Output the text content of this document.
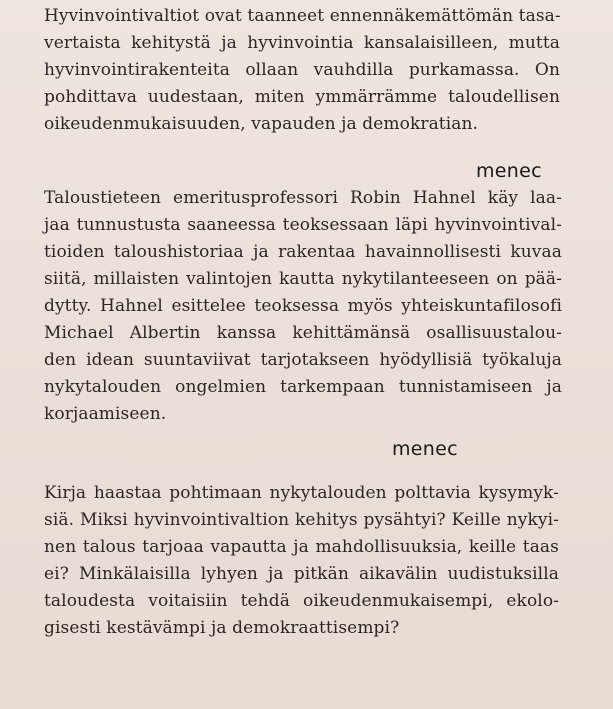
Hyvinvointivaltiot ovat taanneet ennennäkemättömän tasa-
vertaista kehitystä ja hyvinvointia kansalaisilleen, mutta
hyvinvointirakenteita ollaan vauhdilla purkamassa. On
pohdittava uudestaan, miten ymmärrämme taloudellisen
oikeudenmukaisuuden, vapauden ja demokratian.
menec
Taloustieteen emeritusprofessori Robin Hahnel käy laa-
jaa tunnustusta saaneessa teoksessaan läpi hyvinvointival-
tioiden taloushistoriaa ja rakentaa havainnollisesti kuvaa
siitä, millaisten valintojen kautta nykytilanteeseen on pää-
dytty. Hahnel esittelee teoksessa myös yhteiskuntafilosofi
Michael Albertin kanssa kehittämänsä osallisuustalou-
den idean suuntaviivat tarjotakseen hyödyllisiä työkaluja
nykytalouden ongelmien tarkempaan tunnistamiseen ja
korjaamiseen.
menec
Kirja haastaa pohtimaan nykytalouden polttavia kysymyk-
siä. Miksi hyvinvointivaltion kehitys pysähtyi? Keille nykyi-
nen talous tarjoaa vapautta ja mahdollisuuksia, keille taas
ei? Minkälaisilla lyhyen ja pitkän aikavälin uudistuksilla
taloudesta voitaisiin tehdä oikeudenmukaisempi, ekolo-
gisesti kestävämpi ja demokraattisempi?
